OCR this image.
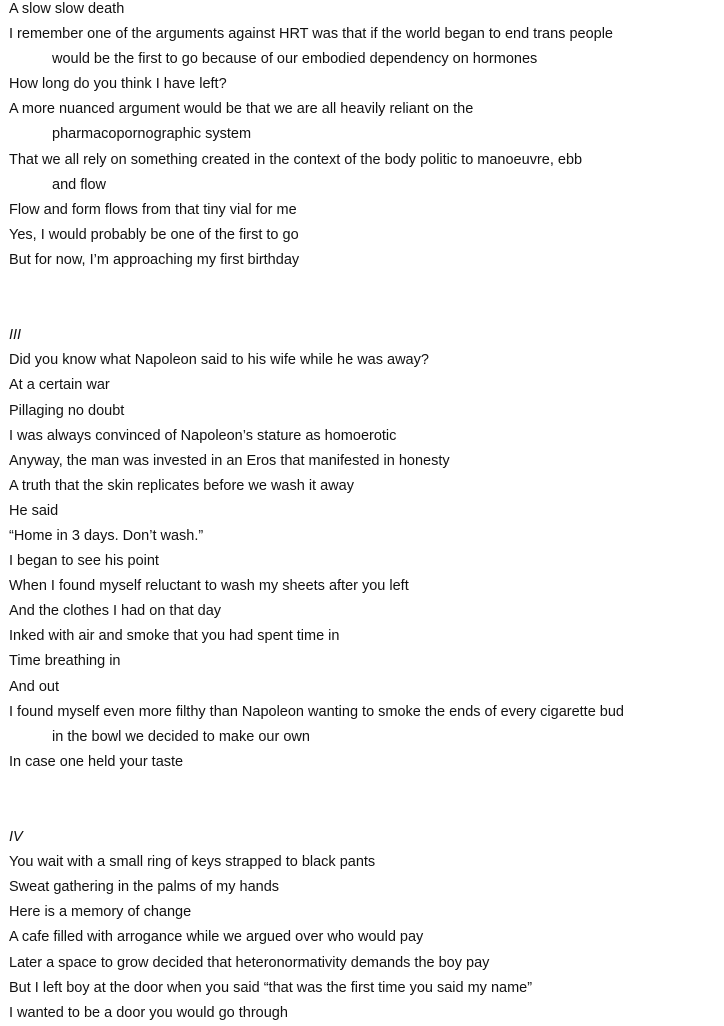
A slow slow death
I remember one of the arguments against HRT was that if the world began to end trans people
would be the first to go because of our embodied dependency on hormones
How long do you think I have left?
A more nuanced argument would be that we are all heavily reliant on the
pharmacopornographic system
That we all rely on something created in the context of the body politic to manoeuvre, ebb
and flow
Flow and form flows from that tiny vial for me
Yes, I would probably be one of the first to go
But for now, I’m approaching my first birthday
III
Did you know what Napoleon said to his wife while he was away?
At a certain war
Pillaging no doubt
I was always convinced of Napoleon’s stature as homoerotic
Anyway, the man was invested in an Eros that manifested in honesty
A truth that the skin replicates before we wash it away
He said
“Home in 3 days. Don’t wash.”
I began to see his point
When I found myself reluctant to wash my sheets after you left
And the clothes I had on that day
Inked with air and smoke that you had spent time in
Time breathing in
And out
I found myself even more filthy than Napoleon wanting to smoke the ends of every cigarette bud
in the bowl we decided to make our own
In case one held your taste
IV
You wait with a small ring of keys strapped to black pants
Sweat gathering in the palms of my hands
Here is a memory of change
A cafe filled with arrogance while we argued over who would pay
Later a space to grow decided that heteronormativity demands the boy pay
But I left boy at the door when you said “that was the first time you said my name”
I wanted to be a door you would go through
